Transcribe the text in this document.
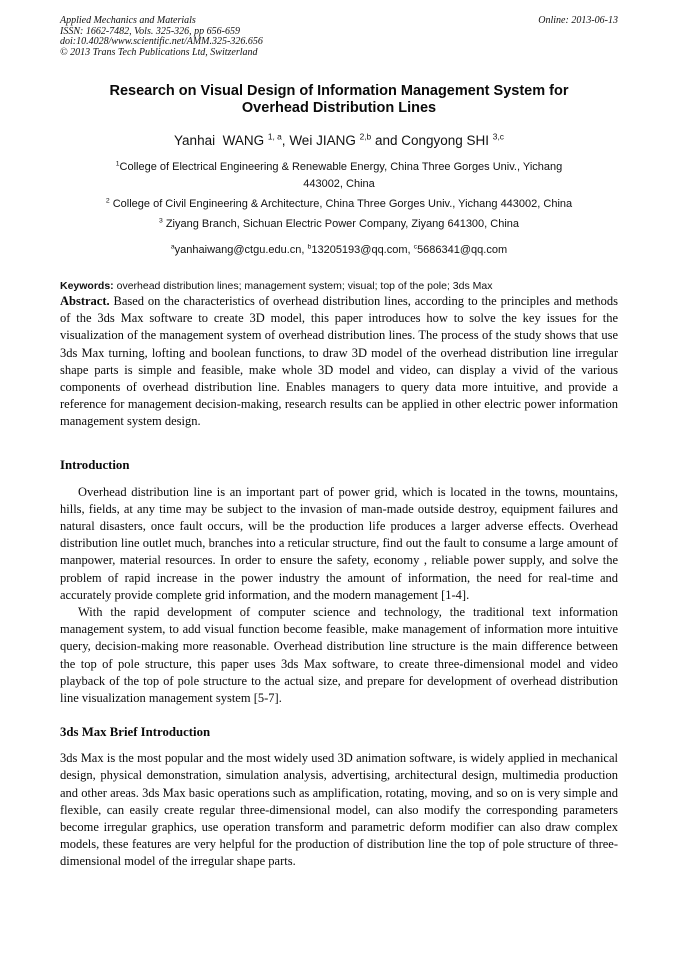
Applied Mechanics and Materials
ISSN: 1662-7482, Vols. 325-326, pp 656-659
doi:10.4028/www.scientific.net/AMM.325-326.656
© 2013 Trans Tech Publications Ltd, Switzerland
Online: 2013-06-13
Research on Visual Design of Information Management System for
Overhead Distribution Lines
Yanhai  WANG $^{1, a}$, Wei JIANG $^{2,b}$ and Congyong SHI $^{3,c}$
$^1$College of Electrical Engineering & Renewable Energy, China Three Gorges Univ., Yichang
443002, China
$^2$ College of Civil Engineering & Architecture, China Three Gorges Univ., Yichang 443002, China
$^3$ Ziyang Branch, Sichuan Electric Power Company, Ziyang 641300, China
$^a$yanhaiwang@ctgu.edu.cn, $^b$13205193@qq.com, $^c$5686341@qq.com
Keywords: overhead distribution lines; management system; visual; top of the pole; 3ds Max

Abstract. Based on the characteristics of overhead distribution lines, according to the principles and methods of the 3ds Max software to create 3D model, this paper introduces how to solve the key issues for the visualization of the management system of overhead distribution lines. The process of the study shows that use 3ds Max turning, lofting and boolean functions, to draw 3D model of the overhead distribution line irregular shape parts is simple and feasible, make whole 3D model and video, can display a vivid of the various components of overhead distribution line. Enables managers to query data more intuitive, and provide a reference for management decision-making, research results can be applied in other electric power information management system design.

Introduction

Overhead distribution line is an important part of power grid, which is located in the towns, mountains, hills, fields, at any time may be subject to the invasion of man-made outside destroy, equipment failures and natural disasters, once fault occurs, will be the production life produces a larger adverse effects. Overhead distribution line outlet much, branches into a reticular structure, find out the fault to consume a large amount of manpower, material resources. In order to ensure the safety, economy , reliable power supply, and solve the problem of rapid increase in the power industry the amount of information, the need for real-time and accurately provide complete grid information, and the modern management [1-4].

With the rapid development of computer science and technology, the traditional text information management system, to add visual function become feasible, make management of information more intuitive query, decision-making more reasonable. Overhead distribution line structure is the main difference between the top of pole structure, this paper uses 3ds Max software, to create three-dimensional model and video playback of the top of pole structure to the actual size, and prepare for development of overhead distribution line visualization management system [5-7].

3ds Max Brief Introduction

3ds Max is the most popular and the most widely used 3D animation software, is widely applied in mechanical design, physical demonstration, simulation analysis, advertising, architectural design, multimedia production and other areas. 3ds Max basic operations such as amplification, rotating, moving, and so on is very simple and flexible, can easily create regular three-dimensional model, can also modify the corresponding parameters become irregular graphics, use operation transform and parametric deform modifier can also draw complex models, these features are very helpful for the production of distribution line the top of pole structure of three-dimensional model of the irregular shape parts.
